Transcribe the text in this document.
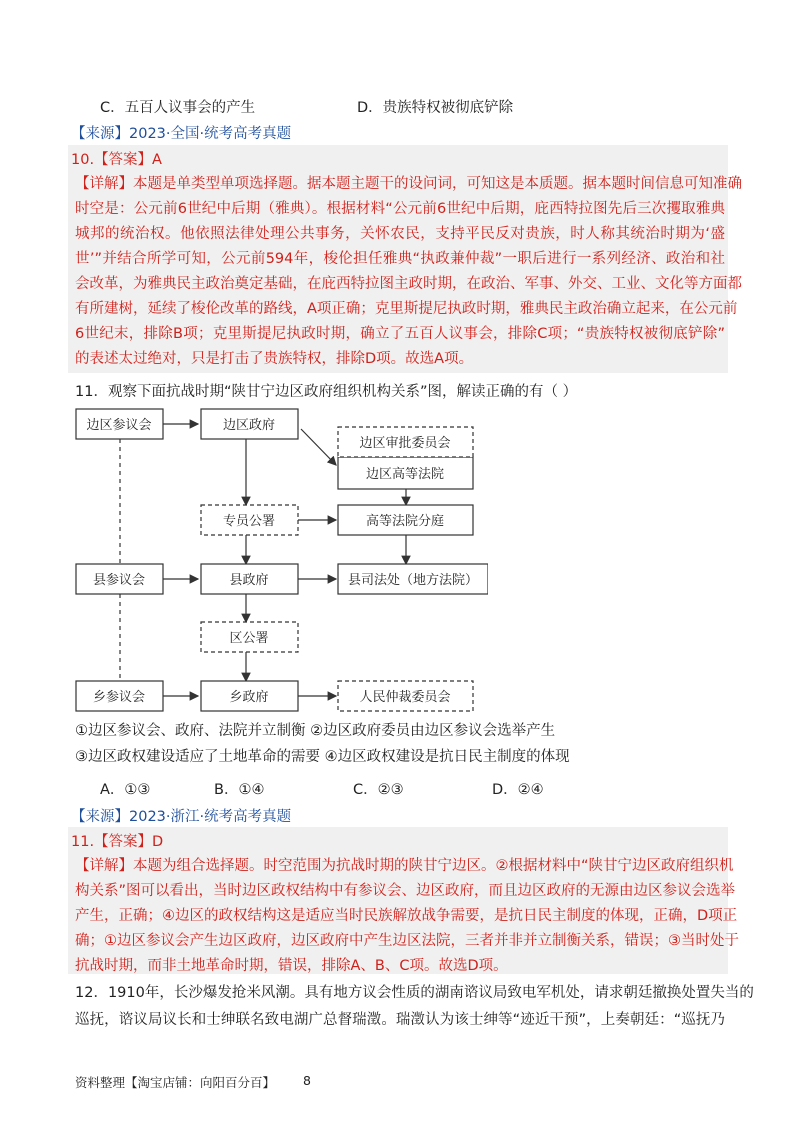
C．五百人议事会的产生	D．贵族特权被彻底铲除
【来源】2023·全国·统考高考真题
10.【答案】A
【详解】本题是单类型单项选择题。据本题主题干的设问词，可知这是本质题。据本题时间信息可知准确
时空是：公元前6世纪中后期（雅典）。根据材料“公元前6世纪中后期，庇西特拉图先后三次攫取雅典
城邦的统治权。他依照法律处理公共事务，关怀农民，支持平民反对贵族，时人称其统治时期为‘盛
世’”并结合所学可知，公元前594年，梭伦担任雅典“执政兼仲裁”一职后进行一系列经济、政治和社
会改革，为雅典民主政治奠定基础，在庇西特拉图主政时期，在政治、军事、外交、工业、文化等方面都
有所建树，延续了梭伦改革的路线，A项正确；克里斯提尼执政时期，雅典民主政治确立起来，在公元前
6世纪末，排除B项；克里斯提尼执政时期，确立了五百人议事会，排除C项；“贵族特权被彻底铲除”
的表述太过绝对，只是打击了贵族特权，排除D项。故选A项。
11．观察下面抗战时期“陕甘宁边区政府组织机构关系”图，解读正确的有（ ）
边区参议会	边区政府
边区审批委员会
边区高等法院
专员公署	高等法院分庭
县参议会	县政府	县司法处（地方法院）
区公署
乡参议会	乡政府	人民仲裁委员会
①边区参议会、政府、法院并立制衡 ②边区政府委员由边区参议会选举产生
③边区政权建设适应了土地革命的需要 ④边区政权建设是抗日民主制度的体现
A．①③	B．①④	C．②③	D．②④
【来源】2023·浙江·统考高考真题
11.【答案】D
【详解】本题为组合选择题。时空范围为抗战时期的陕甘宁边区。②根据材料中“陕甘宁边区政府组织机
构关系”图可以看出，当时边区政权结构中有参议会、边区政府，而且边区政府的无源由边区参议会选举
产生，正确；④边区的政权结构这是适应当时民族解放战争需要，是抗日民主制度的体现，正确，D项正
确；①边区参议会产生边区政府，边区政府中产生边区法院，三者并非并立制衡关系，错误；③当时处于
抗战时期，而非土地革命时期，错误，排除A、B、C项。故选D项。
12．1910年，长沙爆发抢米风潮。具有地方议会性质的湖南谘议局致电军机处，请求朝廷撤换处置失当的
巡抚，谘议局议长和士绅联名致电湖广总督瑞澂。瑞澂认为该士绅等“迹近干预”，上奏朝廷：“巡抚乃
资料整理【淘宝店铺：向阳百分百】 8
